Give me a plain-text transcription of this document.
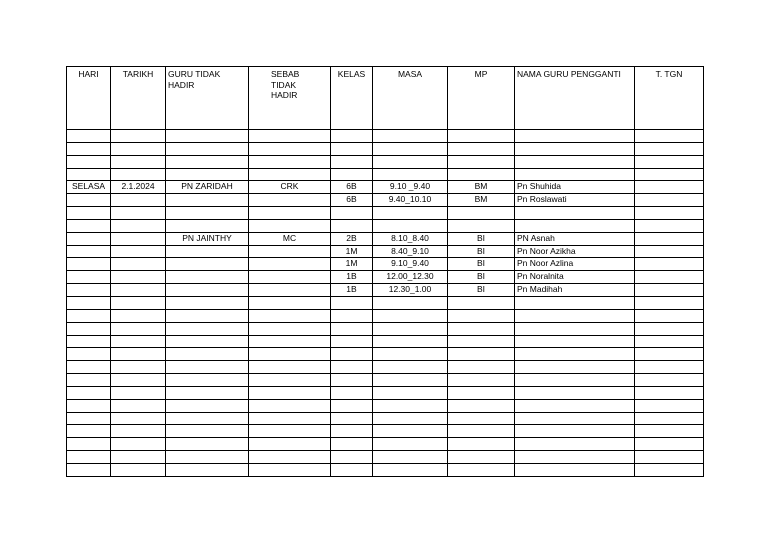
HARI	TARIKH	GURU TIDAK HADIR	SEBAB TIDAK HADIR	KELAS	MASA	MP	NAMA GURU PENGGANTI	T. TGN

SELASA	2.1.2024	PN ZARIDAH	CRK	6B	9.10 _9.40	BM	Pn Shuhida	
				6B	9.40_10.10	BM	Pn Roslawati	

		PN JAINTHY	MC	2B	8.10_8.40	BI	PN Asnah	
				1M	8.40_9.10	BI	Pn Noor Azikha	
				1M	9.10_9.40	BI	Pn Noor Azlina	
				1B	12.00_12.30	BI	Pn Noralnita	
				1B	12.30_1.00	BI	Pn Madihah	
